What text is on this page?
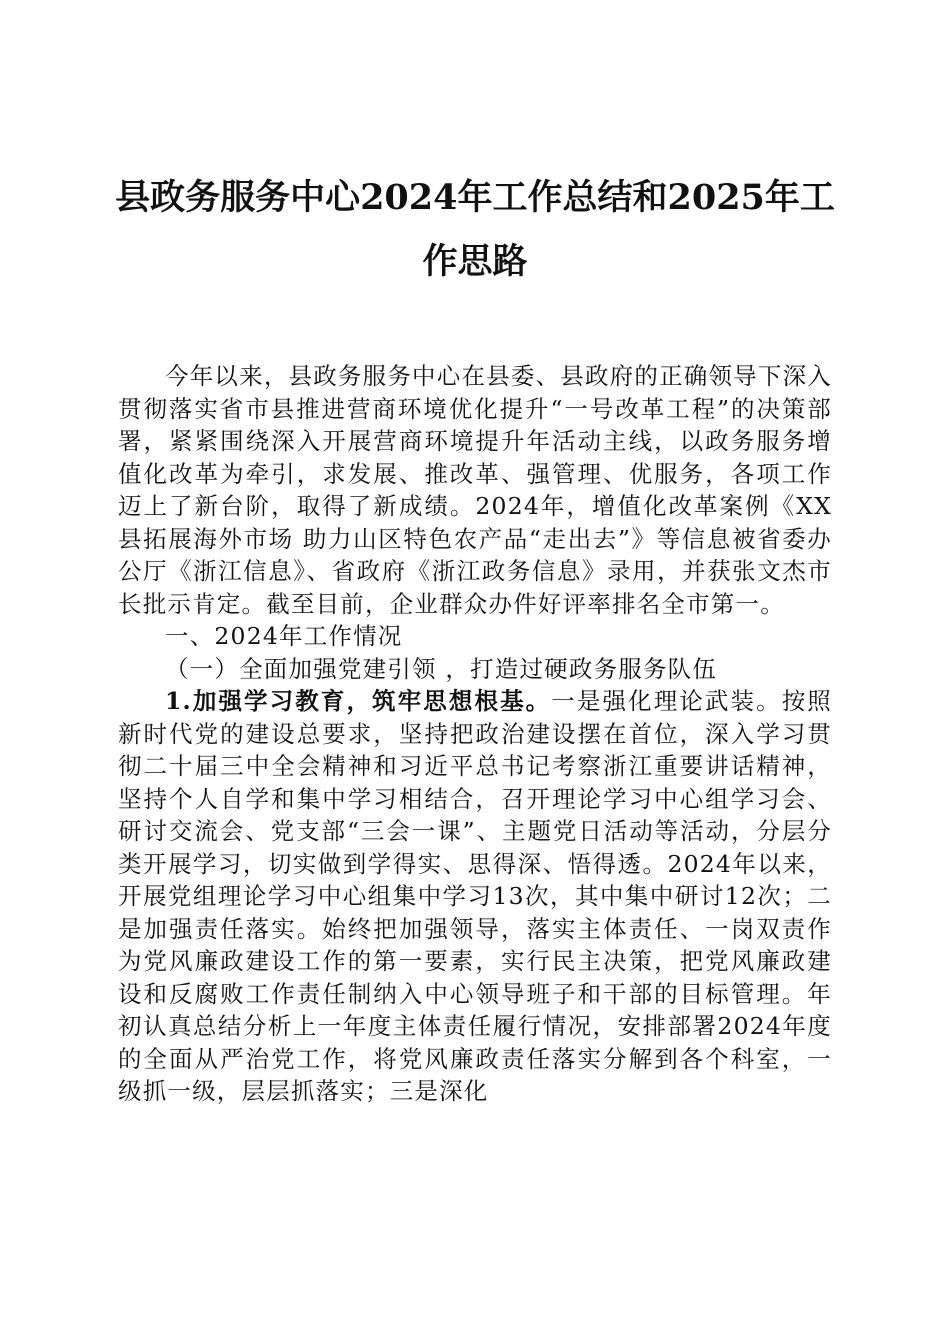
县政务服务中心2024年工作总结和2025年工作思路

今年以来，县政务服务中心在县委、县政府的正确领导下深入贯彻落实省市县推进营商环境优化提升“一号改革工程”的决策部署，紧紧围绕深入开展营商环境提升年活动主线，以政务服务增值化改革为牵引，求发展、推改革、强管理、优服务，各项工作迈上了新台阶，取得了新成绩。2024年，增值化改革案例《XX县拓展海外市场 助力山区特色农产品“走出去”》等信息被省委办公厅《浙江信息》、省政府《浙江政务信息》录用，并获张文杰市长批示肯定。截至目前，企业群众办件好评率排名全市第一。

一、2024年工作情况

（一）全面加强党建引领 ，打造过硬政务服务队伍

1.加强学习教育，筑牢思想根基。一是强化理论武装。按照新时代党的建设总要求，坚持把政治建设摆在首位，深入学习贯彻二十届三中全会精神和习近平总书记考察浙江重要讲话精神，坚持个人自学和集中学习相结合，召开理论学习中心组学习会、研讨交流会、党支部“三会一课”、主题党日活动等活动，分层分类开展学习，切实做到学得实、思得深、悟得透。2024年以来，开展党组理论学习中心组集中学习13次，其中集中研讨12次；二是加强责任落实。始终把加强领导，落实主体责任、一岗双责作为党风廉政建设工作的第一要素，实行民主决策，把党风廉政建设和反腐败工作责任制纳入中心领导班子和干部的目标管理。年初认真总结分析上一年度主体责任履行情况，安排部署2024年度的全面从严治党工作，将党风廉政责任落实分解到各个科室，一级抓一级，层层抓落实；三是深化
